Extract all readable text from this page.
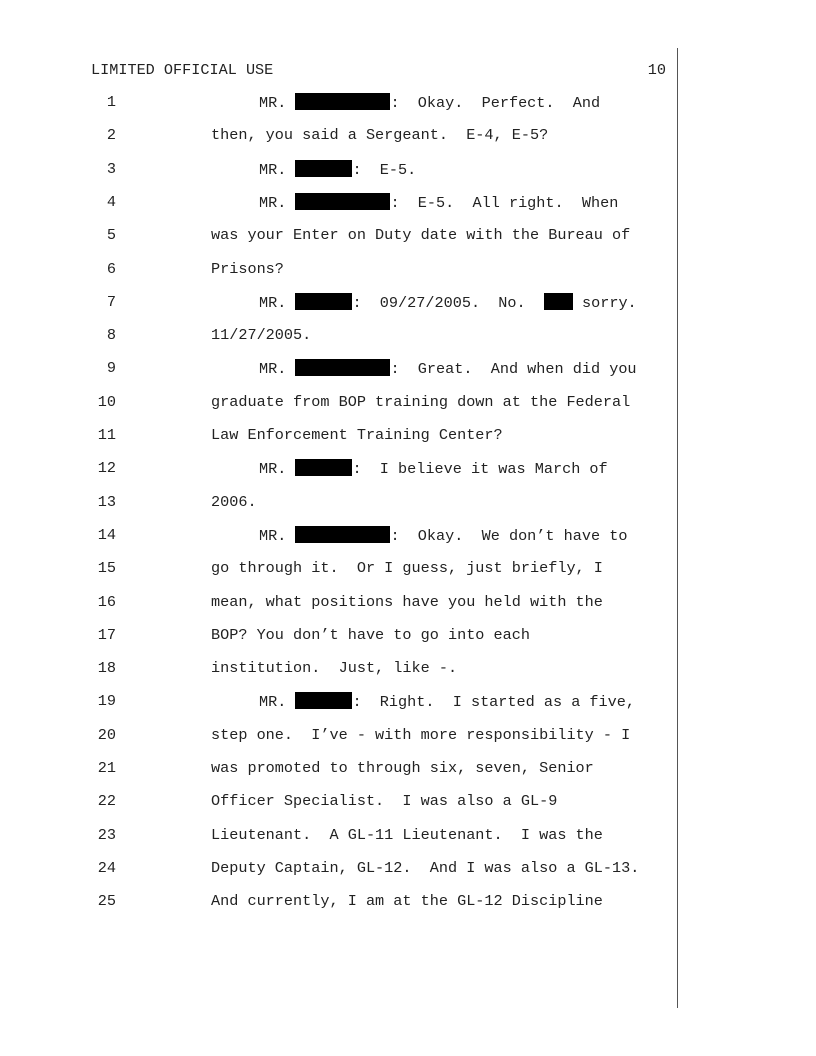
LIMITED OFFICIAL USE	10
1	MR.	:  Okay.  Perfect.  And
2	then, you said a Sergeant.  E-4, E-5?
3	MR.	:  E-5.
4	MR.	:  E-5.  All right.  When
5	was your Enter on Duty date with the Bureau of
6	Prisons?
7	MR.	:  09/27/2005.  No.   sorry.
8	11/27/2005.
9	MR.	:  Great.  And when did you
10	graduate from BOP training down at the Federal
11	Law Enforcement Training Center?
12	MR.	:  I believe it was March of
13	2006.
14	MR.	:  Okay.  We don’t have to
15	go through it.  Or I guess, just briefly, I
16	mean, what positions have you held with the
17	BOP? You don’t have to go into each
18	institution.  Just, like -.
19	MR.	:  Right.  I started as a five,
20	step one.  I’ve - with more responsibility - I
21	was promoted to through six, seven, Senior
22	Officer Specialist.  I was also a GL-9
23	Lieutenant.  A GL-11 Lieutenant.  I was the
24	Deputy Captain, GL-12.  And I was also a GL-13.
25	And currently, I am at the GL-12 Discipline
